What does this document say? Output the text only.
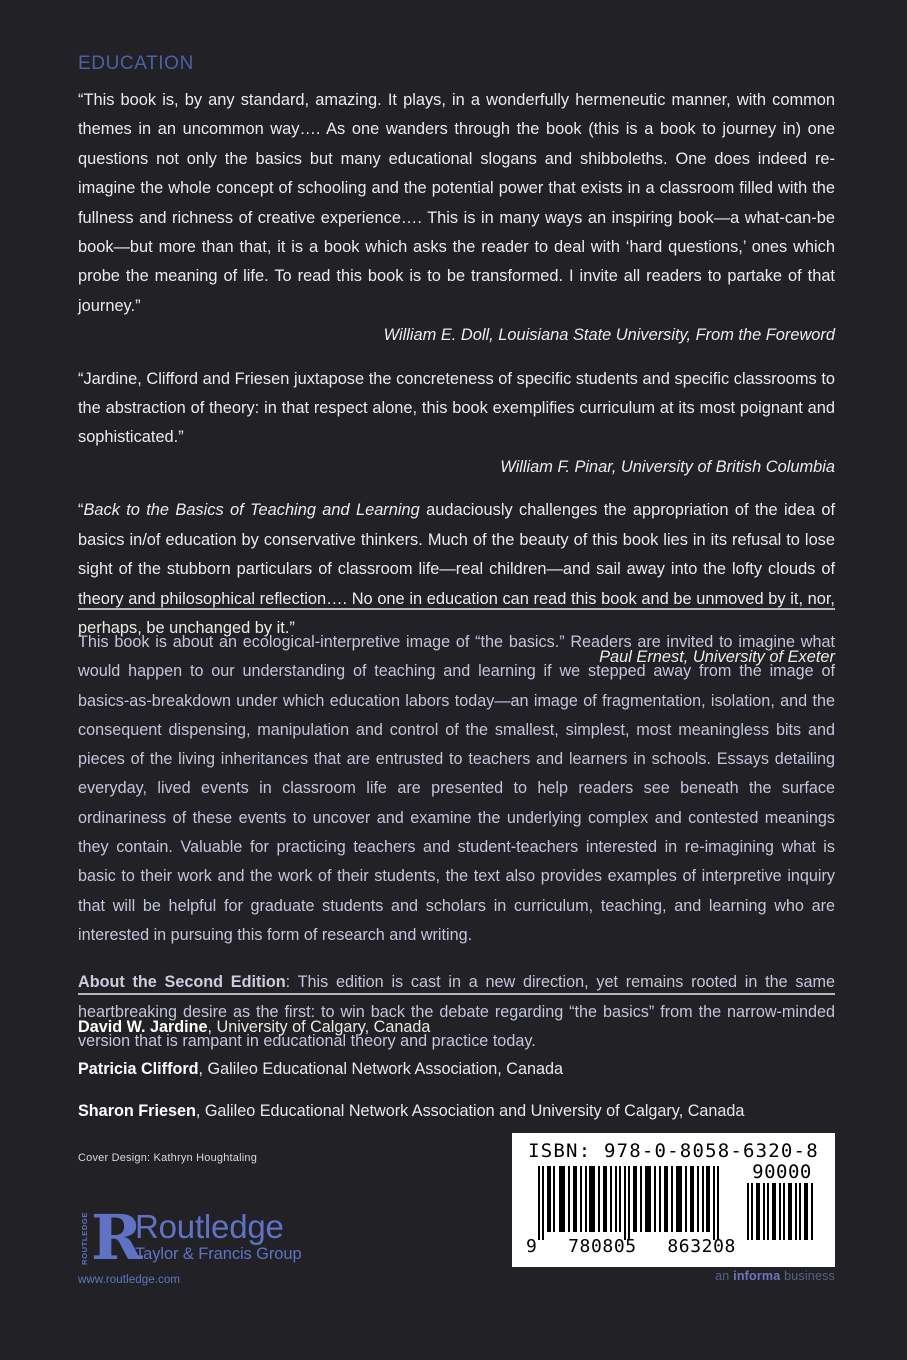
EDUCATION

“This book is, by any standard, amazing. It plays, in a wonderfully hermeneutic manner, with common themes in an uncommon way…. As one wanders through the book (this is a book to journey in) one questions not only the basics but many educational slogans and shibboleths. One does indeed re-imagine the whole concept of schooling and the potential power that exists in a classroom filled with the fullness and richness of creative experience…. This is in many ways an inspiring book—a what-can-be book—but more than that, it is a book which asks the reader to deal with ‘hard questions,’ ones which probe the meaning of life. To read this book is to be transformed. I invite all readers to partake of that journey.”

William E. Doll, Louisiana State University, From the Foreword

“Jardine, Clifford and Friesen juxtapose the concreteness of specific students and specific classrooms to the abstraction of theory: in that respect alone, this book exemplifies curriculum at its most poignant and sophisticated.”

William F. Pinar, University of British Columbia

“Back to the Basics of Teaching and Learning audaciously challenges the appropriation of the idea of basics in/of education by conservative thinkers. Much of the beauty of this book lies in its refusal to lose sight of the stubborn particulars of classroom life—real children—and sail away into the lofty clouds of theory and philosophical reflection…. No one in education can read this book and be unmoved by it, nor, perhaps, be unchanged by it.”

Paul Ernest, University of Exeter

This book is about an ecological-interpretive image of “the basics.” Readers are invited to imagine what would happen to our understanding of teaching and learning if we stepped away from the image of basics-as-breakdown under which education labors today—an image of fragmentation, isolation, and the consequent dispensing, manipulation and control of the smallest, simplest, most meaningless bits and pieces of the living inheritances that are entrusted to teachers and learners in schools. Essays detailing everyday, lived events in classroom life are presented to help readers see beneath the surface ordinariness of these events to uncover and examine the underlying complex and contested meanings they contain. Valuable for practicing teachers and student-teachers interested in re-imagining what is basic to their work and the work of their students, the text also provides examples of interpretive inquiry that will be helpful for graduate students and scholars in curriculum, teaching, and learning who are interested in pursuing this form of research and writing.

About the Second Edition: This edition is cast in a new direction, yet remains rooted in the same heartbreaking desire as the first: to win back the debate regarding “the basics” from the narrow-minded version that is rampant in educational theory and practice today.

David W. Jardine, University of Calgary, Canada

Patricia Clifford, Galileo Educational Network Association, Canada

Sharon Friesen, Galileo Educational Network Association and University of Calgary, Canada

Cover Design: Kathryn Houghtaling
ROUTLEDGE R
Routledge
Taylor & Francis Group
www.routledge.com	an informa business
ISBN: 978-0-8058-6320-8
90000
9 780805 863208
